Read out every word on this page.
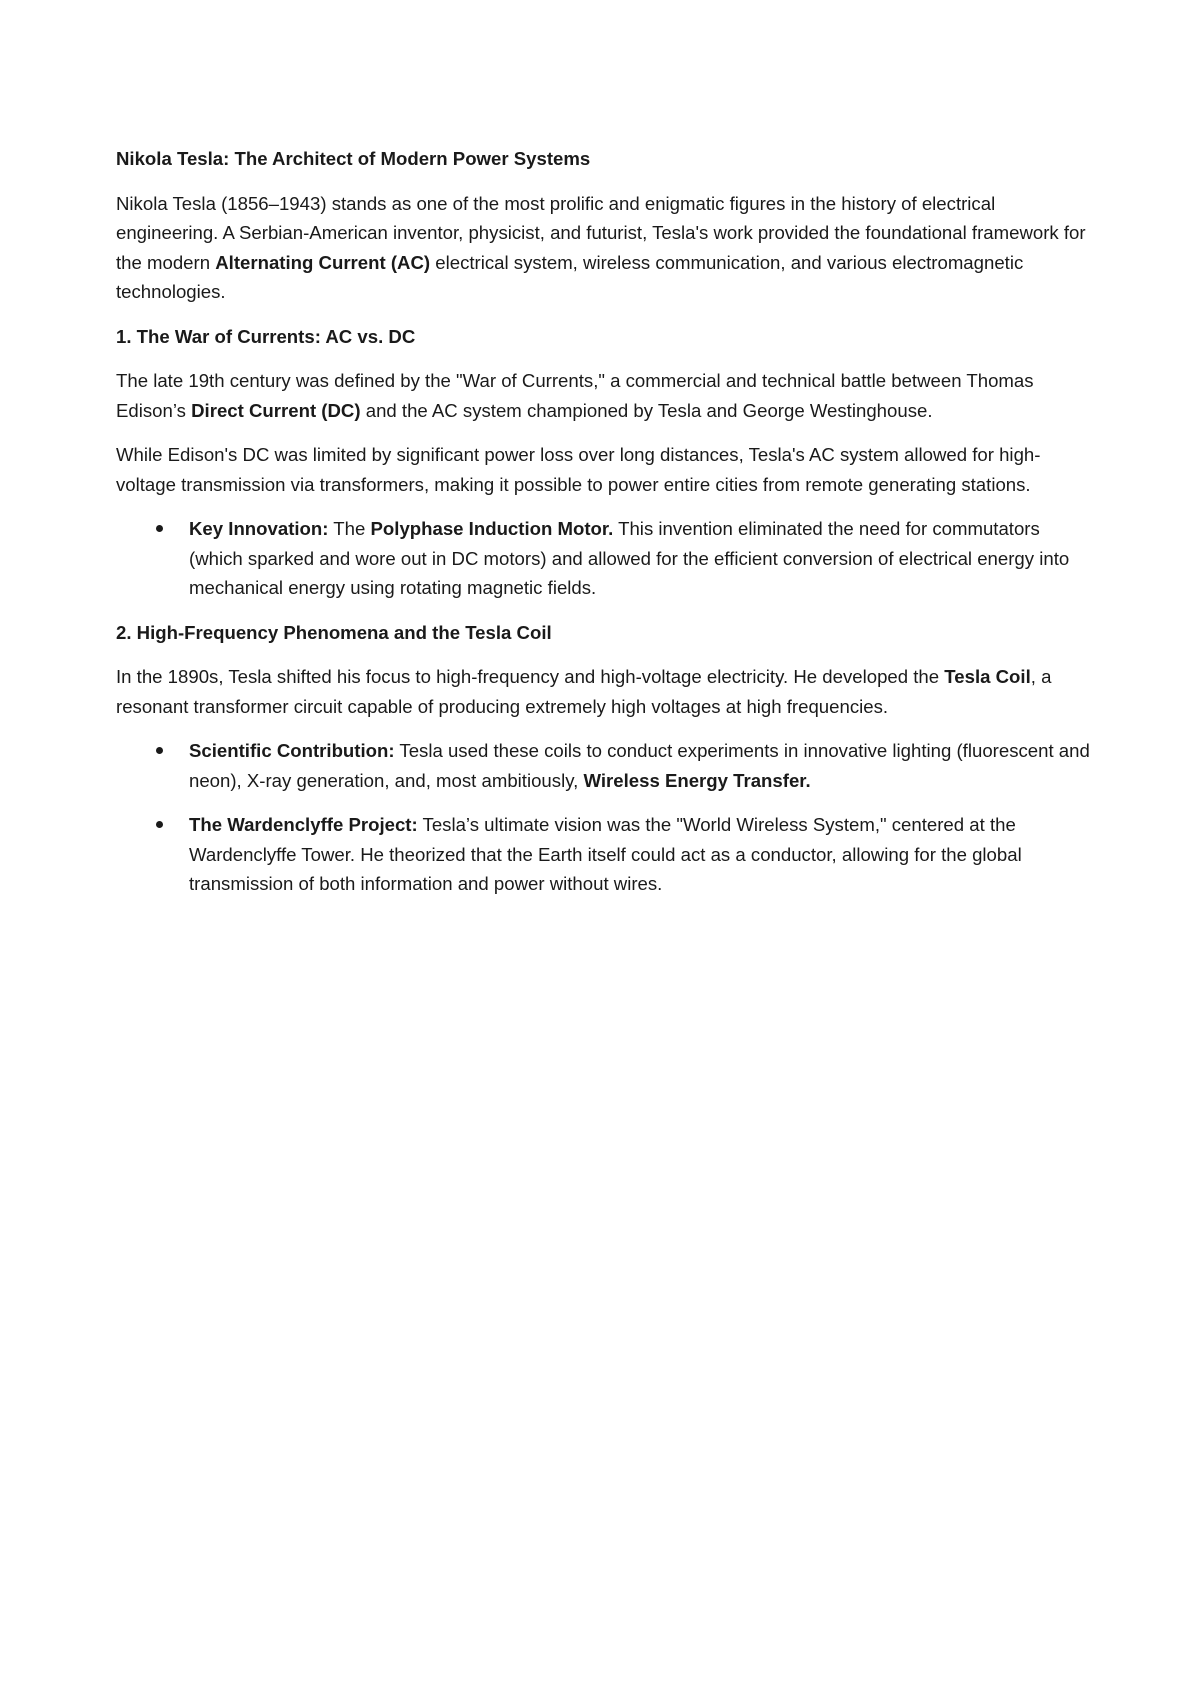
Nikola Tesla: The Architect of Modern Power Systems

Nikola Tesla (1856–1943) stands as one of the most prolific and enigmatic figures in the history of electrical engineering. A Serbian-American inventor, physicist, and futurist, Tesla's work provided the foundational framework for the modern Alternating Current (AC) electrical system, wireless communication, and various electromagnetic technologies.

1. The War of Currents: AC vs. DC

The late 19th century was defined by the "War of Currents," a commercial and technical battle between Thomas Edison’s Direct Current (DC) and the AC system championed by Tesla and George Westinghouse.

While Edison's DC was limited by significant power loss over long distances, Tesla's AC system allowed for high-voltage transmission via transformers, making it possible to power entire cities from remote generating stations.

Key Innovation: The Polyphase Induction Motor. This invention eliminated the need for commutators (which sparked and wore out in DC motors) and allowed for the efficient conversion of electrical energy into mechanical energy using rotating magnetic fields.
2. High-Frequency Phenomena and the Tesla Coil

In the 1890s, Tesla shifted his focus to high-frequency and high-voltage electricity. He developed the Tesla Coil, a resonant transformer circuit capable of producing extremely high voltages at high frequencies.

Scientific Contribution: Tesla used these coils to conduct experiments in innovative lighting (fluorescent and neon), X-ray generation, and, most ambitiously, Wireless Energy Transfer.
The Wardenclyffe Project: Tesla’s ultimate vision was the "World Wireless System," centered at the Wardenclyffe Tower. He theorized that the Earth itself could act as a conductor, allowing for the global transmission of both information and power without wires.
